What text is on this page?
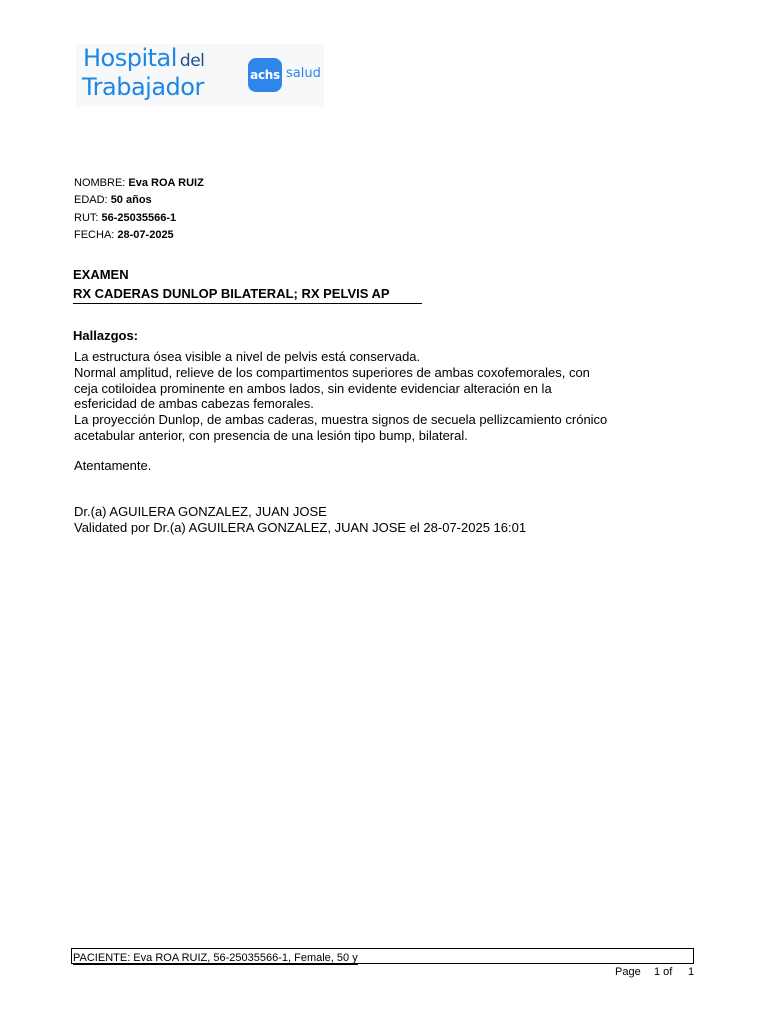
Hospital del
Trabajador	achs salud
NOMBRE: Eva ROA RUIZ
EDAD: 50 años
RUT: 56-25035566-1
FECHA: 28-07-2025
EXAMEN
RX CADERAS DUNLOP BILATERAL; RX PELVIS AP
Hallazgos:
La estructura ósea visible a nivel de pelvis está conservada.
Normal amplitud, relieve de los compartimentos superiores de ambas coxofemorales, con
ceja cotiloidea prominente en ambos lados, sin evidente evidenciar alteración en la
esfericidad de ambas cabezas femorales.
La proyección Dunlop, de ambas caderas, muestra signos de secuela pellizcamiento crónico
acetabular anterior, con presencia de una lesión tipo bump, bilateral.
Atentamente.
Dr.(a) AGUILERA GONZALEZ, JUAN JOSE
Validated por Dr.(a) AGUILERA GONZALEZ, JUAN JOSE el 28-07-2025 16:01
PACIENTE: Eva ROA RUIZ, 56-25035566-1, Female, 50 y
Page 1 of 1
